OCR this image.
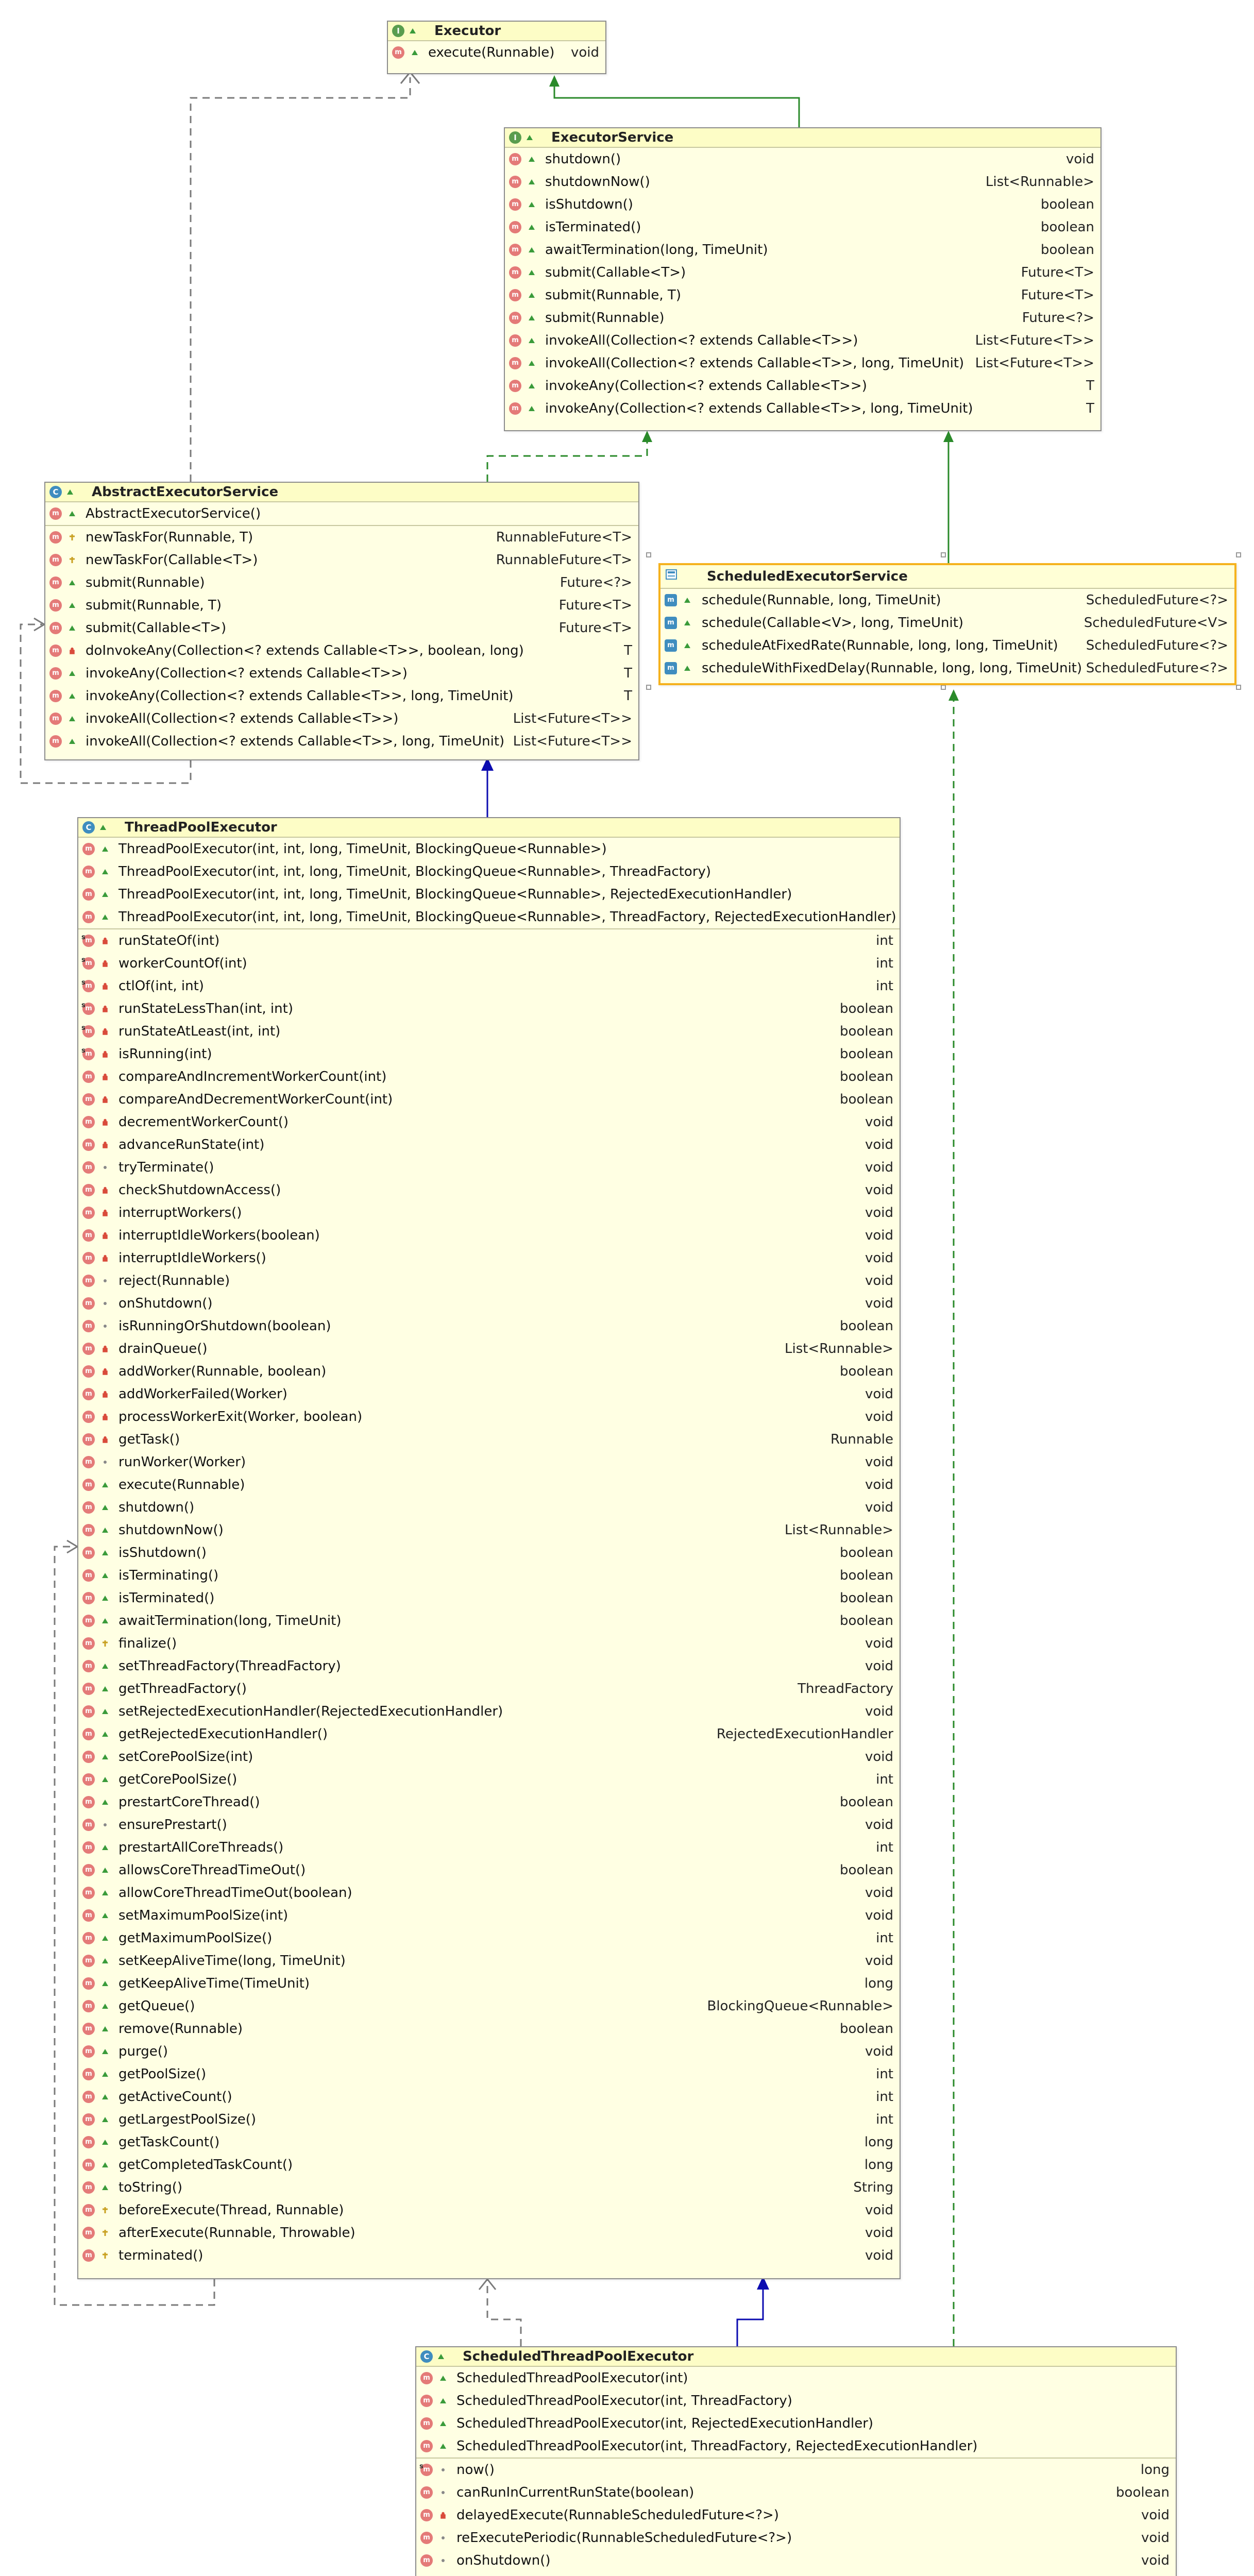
I	Executor
m execute(Runnable) void
I	ExecutorService
m shutdown()	void
m shutdownNow()	List<Runnable>
m isShutdown()	boolean
m isTerminated()	boolean
m awaitTermination(long, TimeUnit)	boolean
m submit(Callable<T>)	Future<T>
m submit(Runnable, T)	Future<T>
m submit(Runnable)	Future<?>
m invokeAll(Collection<? extends Callable<T>>)	List<Future<T>>
m invokeAll(Collection<? extends Callable<T>>, long, TimeUnit) List<Future<T>>
m invokeAny(Collection<? extends Callable<T>>)	T
m invokeAny(Collection<? extends Callable<T>>, long, TimeUnit)	T
C AbstractExecutorService
m AbstractExecutorService()
m newTaskFor(Runnable, T)	RunnableFuture<T>
m newTaskFor(Callable<T>)	RunnableFuture<T>
m submit(Runnable)	Future<?>
m submit(Runnable, T)	Future<T>
m submit(Callable<T>)	Future<T>
m doInvokeAny(Collection<? extends Callable<T>>, boolean, long)	T
m invokeAny(Collection<? extends Callable<T>>)	T
m invokeAny(Collection<? extends Callable<T>>, long, TimeUnit)	T
m invokeAll(Collection<? extends Callable<T>>)	List<Future<T>>
m invokeAll(Collection<? extends Callable<T>>, long, TimeUnit) List<Future<T>>
ScheduledExecutorService
m schedule(Runnable, long, TimeUnit)	ScheduledFuture<?>
m schedule(Callable<V>, long, TimeUnit)	ScheduledFuture<V>
m scheduleAtFixedRate(Runnable, long, long, TimeUnit) ScheduledFuture<?>
m scheduleWithFixedDelay(Runnable, long, long, TimeUnit) ScheduledFuture<?>
C ThreadPoolExecutor
m ThreadPoolExecutor(int, int, long, TimeUnit, BlockingQueue<Runnable>)
m ThreadPoolExecutor(int, int, long, TimeUnit, BlockingQueue<Runnable>, ThreadFactory)
m ThreadPoolExecutor(int, int, long, TimeUnit, BlockingQueue<Runnable>, RejectedExecutionHandler)
m ThreadPoolExecutor(int, int, long, TimeUnit, BlockingQueue<Runnable>, ThreadFactory, RejectedExecutionHandler)
m s runStateOf(int)	int
m s workerCountOf(int)	int
m s ctlOf(int, int)	int
m s runStateLessThan(int, int)	boolean
m s runStateAtLeast(int, int)	boolean
m s isRunning(int)	boolean
m compareAndIncrementWorkerCount(int)	boolean
m compareAndDecrementWorkerCount(int)	boolean
m decrementWorkerCount()	void
m advanceRunState(int)	void
m tryTerminate()	void
m checkShutdownAccess()	void
m interruptWorkers()	void
m interruptIdleWorkers(boolean)	void
m interruptIdleWorkers()	void
m reject(Runnable)	void
m onShutdown()	void
m isRunningOrShutdown(boolean)	boolean
m drainQueue()	List<Runnable>
m addWorker(Runnable, boolean)	boolean
m addWorkerFailed(Worker)	void
m processWorkerExit(Worker, boolean)	void
m getTask()	Runnable
m runWorker(Worker)	void
m execute(Runnable)	void
m shutdown()	void
m shutdownNow()	List<Runnable>
m isShutdown()	boolean
m isTerminating()	boolean
m isTerminated()	boolean
m awaitTermination(long, TimeUnit)	boolean
m finalize()	void
m setThreadFactory(ThreadFactory)	void
m getThreadFactory()	ThreadFactory
m setRejectedExecutionHandler(RejectedExecutionHandler)	void
m getRejectedExecutionHandler()	RejectedExecutionHandler
m setCorePoolSize(int)	void
m getCorePoolSize()	int
m prestartCoreThread()	boolean
m ensurePrestart()	void
m prestartAllCoreThreads()	int
m allowsCoreThreadTimeOut()	boolean
m allowCoreThreadTimeOut(boolean)	void
m setMaximumPoolSize(int)	void
m getMaximumPoolSize()	int
m setKeepAliveTime(long, TimeUnit)	void
m getKeepAliveTime(TimeUnit)	long
m getQueue()	BlockingQueue<Runnable>
m remove(Runnable)	boolean
m purge()	void
m getPoolSize()	int
m getActiveCount()	int
m getLargestPoolSize()	int
m getTaskCount()	long
m getCompletedTaskCount()	long
m toString()	String
m beforeExecute(Thread, Runnable)	void
m afterExecute(Runnable, Throwable)	void
m terminated()	void
C ScheduledThreadPoolExecutor
m ScheduledThreadPoolExecutor(int)
m ScheduledThreadPoolExecutor(int, ThreadFactory)
m ScheduledThreadPoolExecutor(int, RejectedExecutionHandler)
m ScheduledThreadPoolExecutor(int, ThreadFactory, RejectedExecutionHandler)
m s now()	long
m canRunInCurrentRunState(boolean)	boolean
m delayedExecute(RunnableScheduledFuture<?>)	void
m reExecutePeriodic(RunnableScheduledFuture<?>)	void
m onShutdown()	void
